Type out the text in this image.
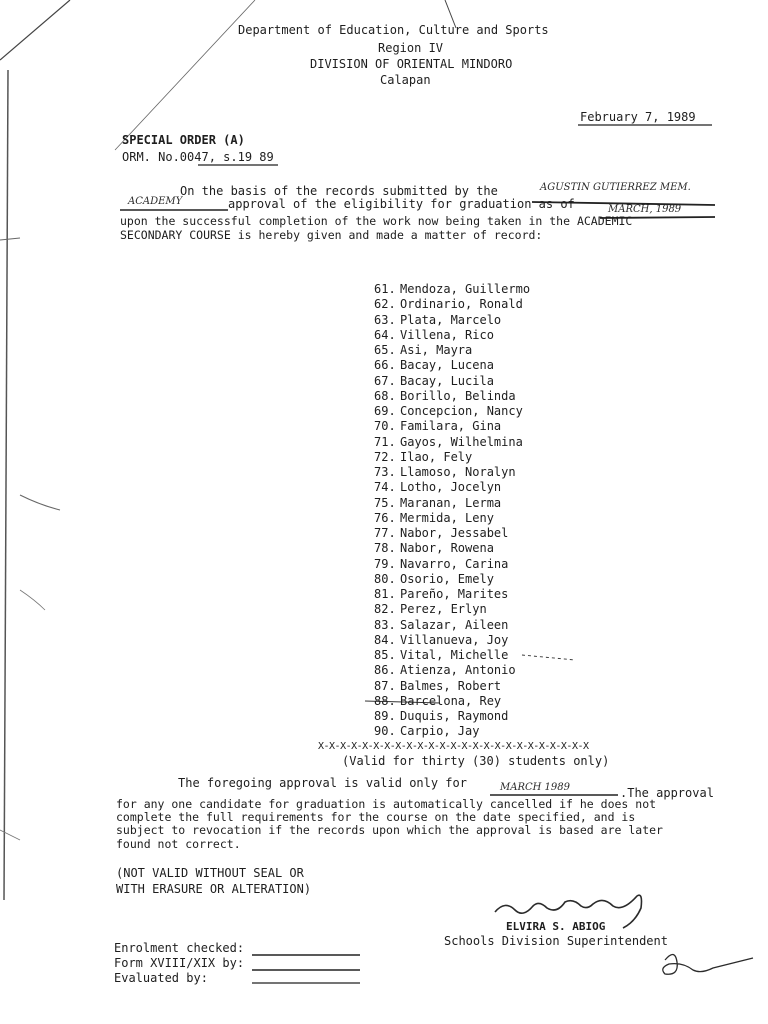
Department of Education, Culture and Sports
Region IV
DIVISION OF ORIENTAL MINDORO
Calapan
February 7, 1989
SPECIAL ORDER (A)
ORM. No.0047, s.19 89
On the basis of the records submitted by the	AGUSTIN GUTIERREZ MEM.
ACADEMY	approval of the eligibility for graduation as of	MARCH, 1989
upon the successful completion of the work now being taken in the ACADEMIC
SECONDARY COURSE is hereby given and made a matter of record:
61. Mendoza, Guillermo
62. Ordinario, Ronald
63. Plata, Marcelo
64. Villena, Rico
65. Asi, Mayra
66. Bacay, Lucena
67. Bacay, Lucila
68. Borillo, Belinda
69. Concepcion, Nancy
70. Familara, Gina
71. Gayos, Wilhelmina
72. Ilao, Fely
73. Llamoso, Noralyn
74. Lotho, Jocelyn
75. Maranan, Lerma
76. Mermida, Leny
77. Nabor, Jessabel
78. Nabor, Rowena
79. Navarro, Carina
80. Osorio, Emely
81. Pareño, Marites
82. Perez, Erlyn
83. Salazar, Aileen
84. Villanueva, Joy
85. Vital, Michelle
86. Atienza, Antonio
87. Balmes, Robert
88. Barcelona, Rey
89. Duquis, Raymond
90. Carpio, Jay
X-X-X-X-X-X-X-X-X-X-X-X-X-X-X-X-X-X-X-X-X-X-X-X-X
(Valid for thirty (30) students only)
The foregoing approval is valid only for	MARCH 1989	.The approval
for any one candidate for graduation is automatically cancelled if he does not
complete the full requirements for the course on the date specified, and is
subject to revocation if the records upon which the approval is based are later
found not correct.
(NOT VALID WITHOUT SEAL OR
WITH ERASURE OR ALTERATION)
ELVIRA S. ABIOG
Schools Division Superintendent
Enrolment checked:
Form XVIII/XIX by:
Evaluated by:
